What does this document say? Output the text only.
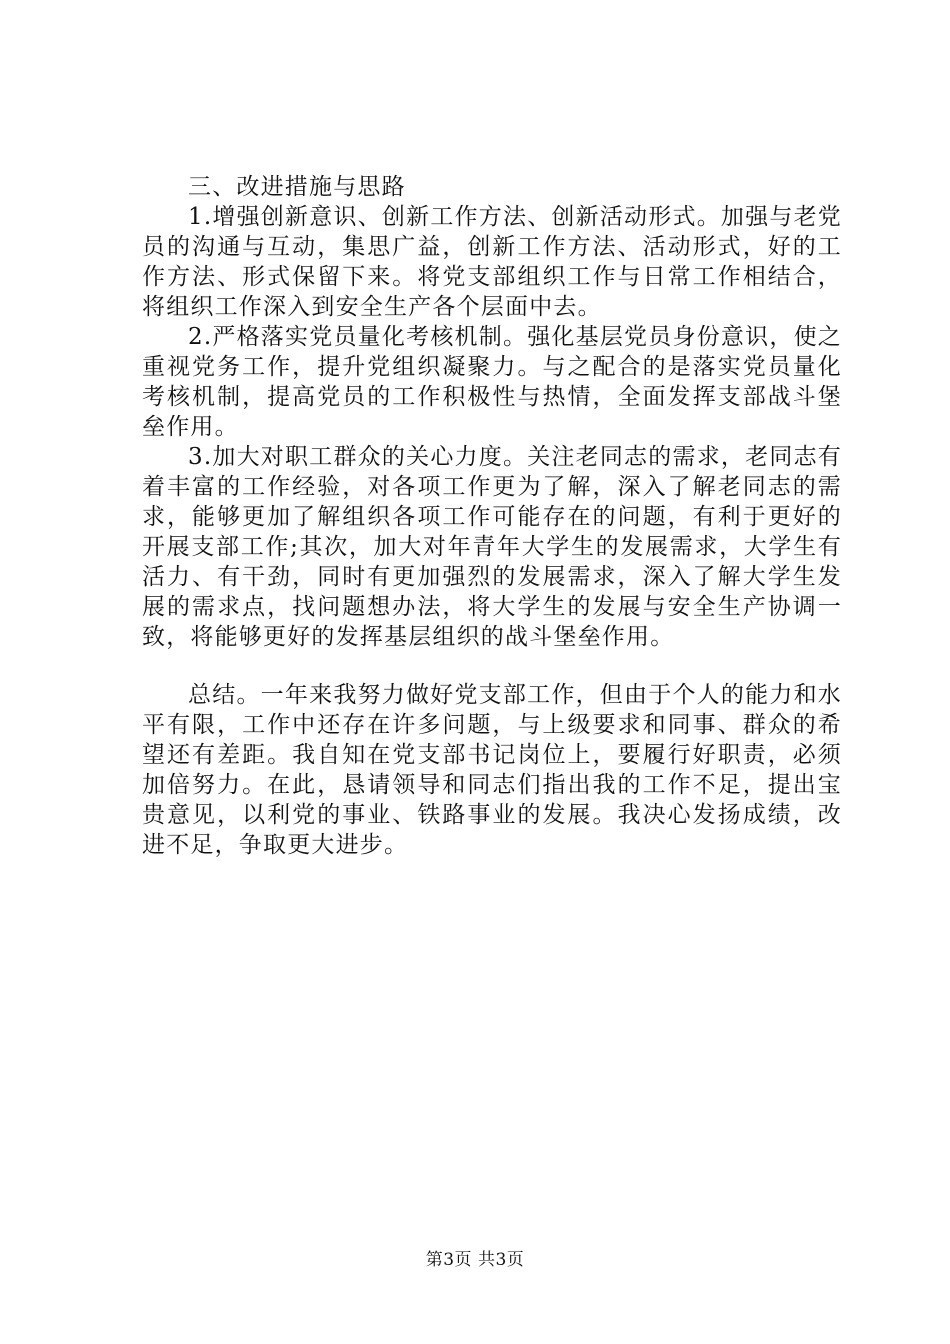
三、改进措施与思路

1.增强创新意识、创新工作方法、创新活动形式。加强与老党员的沟通与互动，集思广益，创新工作方法、活动形式，好的工作方法、形式保留下来。将党支部组织工作与日常工作相结合，将组织工作深入到安全生产各个层面中去。

2.严格落实党员量化考核机制。强化基层党员身份意识，使之重视党务工作，提升党组织凝聚力。与之配合的是落实党员量化考核机制，提高党员的工作积极性与热情，全面发挥支部战斗堡垒作用。

3.加大对职工群众的关心力度。关注老同志的需求，老同志有着丰富的工作经验，对各项工作更为了解，深入了解老同志的需求，能够更加了解组织各项工作可能存在的问题，有利于更好的开展支部工作;其次，加大对年青年大学生的发展需求，大学生有活力、有干劲，同时有更加强烈的发展需求，深入了解大学生发展的需求点，找问题想办法，将大学生的发展与安全生产协调一致，将能够更好的发挥基层组织的战斗堡垒作用。

总结。一年来我努力做好党支部工作，但由于个人的能力和水平有限，工作中还存在许多问题，与上级要求和同事、群众的希望还有差距。我自知在党支部书记岗位上，要履行好职责，必须加倍努力。在此，恳请领导和同志们指出我的工作不足，提出宝贵意见，以利党的事业、铁路事业的发展。我决心发扬成绩，改进不足，争取更大进步。

第3页 共3页
